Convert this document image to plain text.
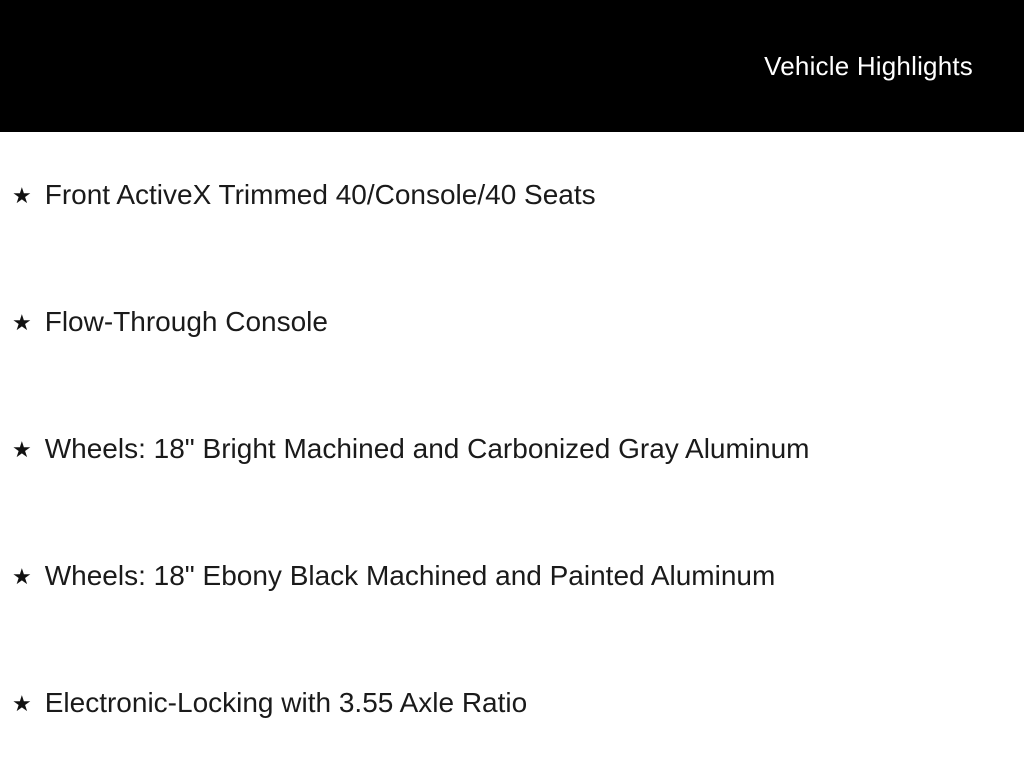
Vehicle Highlights
★ Front ActiveX Trimmed 40/Console/40 Seats
★ Flow-Through Console
★ Wheels: 18" Bright Machined and Carbonized Gray Aluminum
★ Wheels: 18" Ebony Black Machined and Painted Aluminum
★ Electronic-Locking with 3.55 Axle Ratio
